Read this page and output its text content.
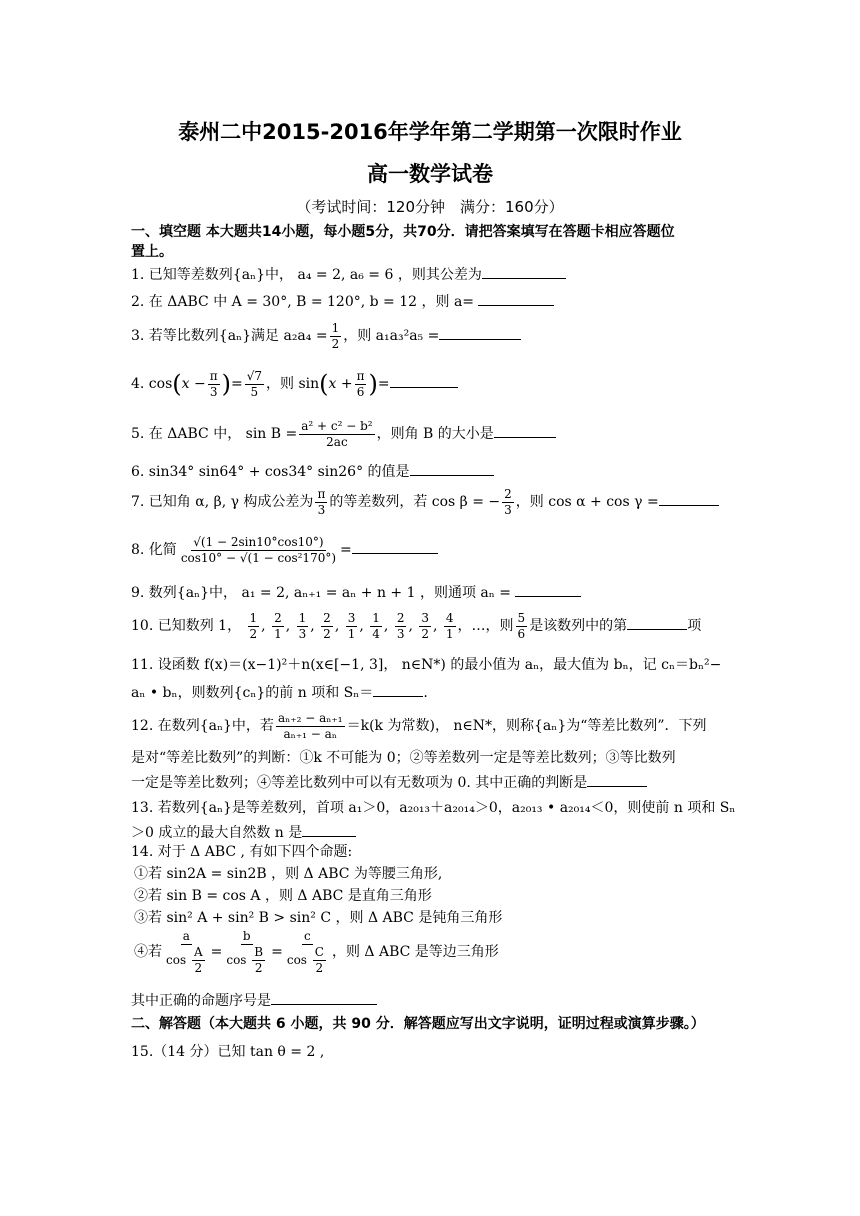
泰州二中2015-2016年学年第二学期第一次限时作业
高一数学试卷
（考试时间：120分钟　满分：160分）
一、填空题 本大题共14小题，每小题5分，共70分．请把答案填写在答题卡相应答题位
置上。
1. 已知等差数列{aₙ}中， a₄ = 2, a₆ = 6 ，则其公差为
2. 在 ΔABC 中 A = 30°, B = 120°, b = 12 ，则 a=
3. 若等比数列{aₙ}满足 $a_2a_4 = \frac{1}{2}$ ，则 a₁a₃²a₅ =
4. $\cos(x - \frac{\pi}{3}$ )= $\frac{√7}{5}$ ，则 $\sin(x + \frac{\pi}{6}$ )=
5. 在 ΔABC 中， $\sin B = \frac{\text{a² + c² − b²}}{2ac}$ ，则角 B 的大小是
6. sin34° sin64° + cos34° sin26° 的值是
7. 已知角 α, β, γ 构成公差为 $\frac{\pi}{3}$ 的等差数列，若 cos β = − $\frac{2}{3}$ ，则 cos α + cos γ =
8. 化简 $\frac{√(1 - 2\sin 10^\circ\cos 10^\circ)}{\text{cos10° − √(1 − cos²170°)}}$ =
9. 数列{aₙ}中， a₁ = 2, aₙ₊₁ = aₙ + n + 1 ，则通项 aₙ =
10. 已知数列 1， $\frac{1}{2}$ , $\frac{2}{1}$ , $\frac{1}{3}$ , $\frac{2}{2}$ , $\frac{3}{1}$ , $\frac{1}{4}$ , $\frac{2}{3}$ , $\frac{3}{2}$ , $\frac{4}{1}$ ，…，则 $\frac{5}{6}$ 是该数列中的第	项
11. 设函数 f(x)＝(x−1)²＋n(x∈[−1, 3]， n∈N*) 的最小值为 aₙ，最大值为 bₙ，记 cₙ＝bₙ²−
aₙ • bₙ，则数列{cₙ}的前 n 项和 Sₙ＝	.
12. 在数列{aₙ}中，若 $\frac{\text{aₙ₊₂ − aₙ₊₁}}{\text{aₙ₊₁ − aₙ}} =k(k$ 为常数)， n∈N*，则称{aₙ}为“等差比数列”．下列
是对“等差比数列”的判断：①k 不可能为 0；②等差数列一定是等差比数列；③等比数列
一定是等差比数列；④等差比数列中可以有无数项为 0. 其中正确的判断是
13. 若数列{aₙ}是等差数列，首项 a₁＞0，a₂₀₁₃＋a₂₀₁₄＞0，a₂₀₁₃ • a₂₀₁₄＜0，则使前 n 项和 Sₙ
＞0 成立的最大自然数 n 是
14. 对于 Δ ABC , 有如下四个命题:
①若 sin2A = sin2B ，则 Δ ABC 为等腰三角形,
②若 sin B = cos A ，则 Δ ABC 是直角三角形
③若 sin² A + sin² B > sin² C ，则 Δ ABC 是钝角三角形
④若 $\frac{a}{\cos \frac{A}{2}} = \frac{b}{\cos \frac{B}{2}} = \frac{c}{\cos \frac{C}{2}}$ ，则 Δ ABC 是等边三角形
其中正确的命题序号是
二、解答题（本大题共 6 小题，共 90 分．解答题应写出文字说明，证明过程或演算步骤。）
15.（14 分）已知 tan θ = 2 ,
